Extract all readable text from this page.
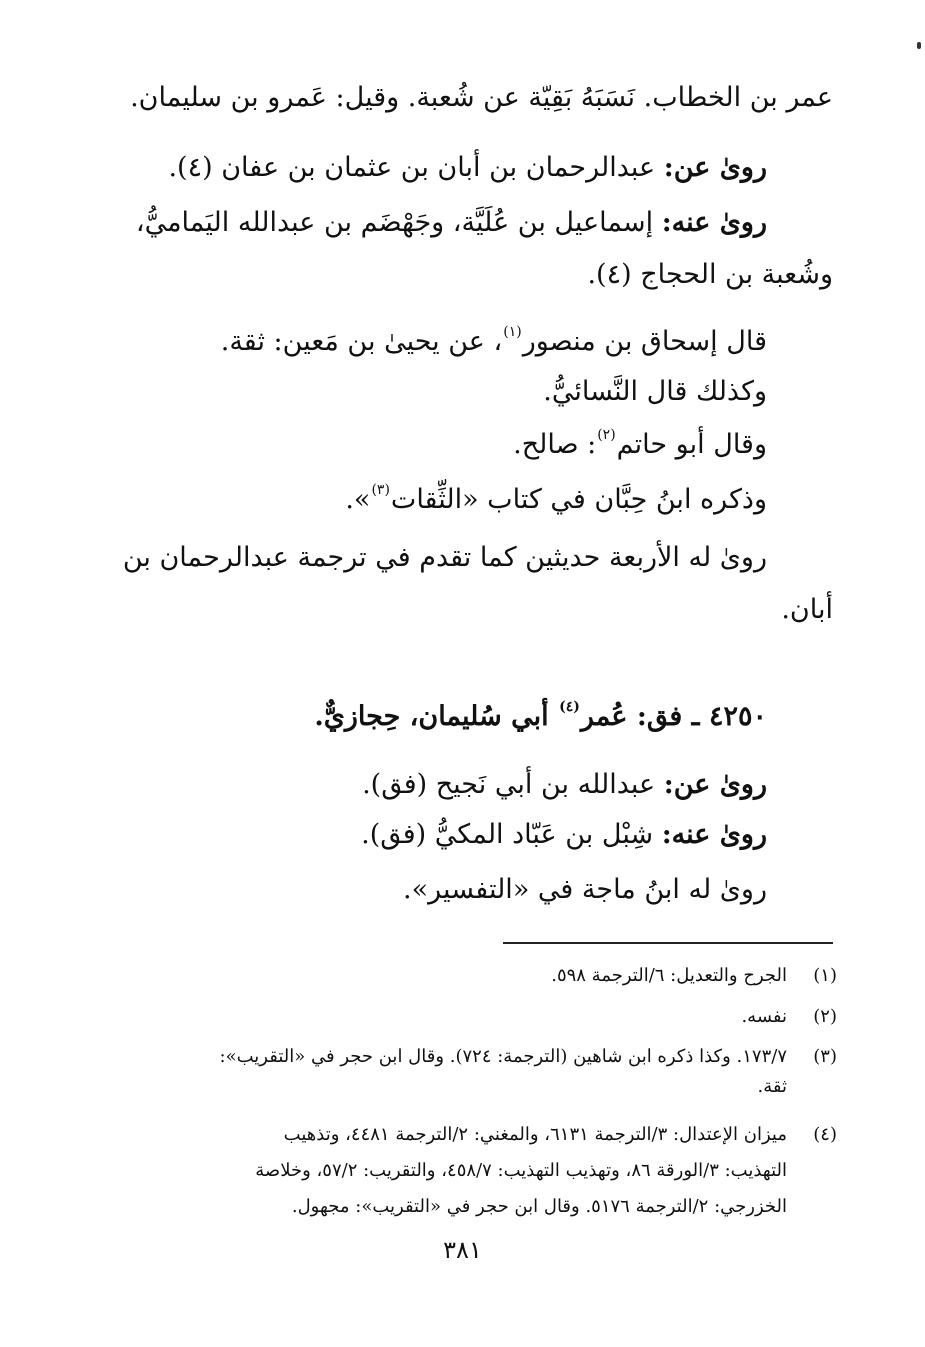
عمر بن الخطاب. نَسَبَهُ بَقِيّة عن شُعبة. وقيل: عَمرو بن سليمان.
روىٰ عن: عبدالرحمان بن أبان بن عثمان بن عفان (٤).
روىٰ عنه: إسماعيل بن عُلَيَّة، وجَهْضَم بن عبدالله اليَماميُّ،
وشُعبة بن الحجاج (٤).
قال إسحاق بن منصور$^{(١)}$، عن يحيىٰ بن مَعين: ثقة.
وكذلك قال النَّسائيُّ.
وقال أبو حاتم$^{(٢)}$: صالح.
وذكره ابنُ حِبَّان في كتاب «الثِّقات$^{(٣)}$».
روىٰ له الأربعة حديثين كما تقدم في ترجمة عبدالرحمان بن
أبان.
٤٢٥٠ ـ فق: عُمر$^{(٤)}$ أبي سُليمان، حِجازيٌّ.
روىٰ عن: عبدالله بن أبي نَجيح (فق).
روىٰ عنه: شِبْل بن عَبّاد المكيُّ (فق).
روىٰ له ابنُ ماجة في «التفسير».
(١)
الجرح والتعديل: ٦/الترجمة ٥٩٨.
(٢)
نفسه.
(٣)
١٧٣/٧. وكذا ذكره ابن شاهين (الترجمة: ٧٢٤). وقال ابن حجر في «التقريب»:
ثقة.
(٤)
ميزان الإعتدال: ٣/الترجمة ٦١٣١، والمغني: ٢/الترجمة ٤٤٨١، وتذهيب
التهذيب: ٣/الورقة ٨٦، وتهذيب التهذيب: ٤٥٨/٧، والتقريب: ٥٧/٢، وخلاصة
الخزرجي: ٢/الترجمة ٥١٧٦. وقال ابن حجر في «التقريب»: مجهول.
٣٨١
